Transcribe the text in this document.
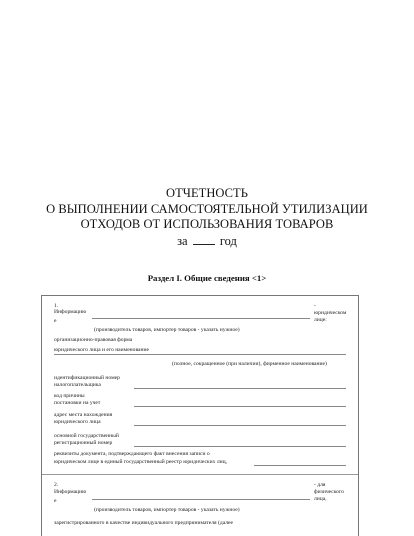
ОТЧЕТНОСТЬ
О ВЫПОЛНЕНИИ САМОСТОЯТЕЛЬНОЙ УТИЛИЗАЦИИ
ОТХОДОВ ОТ ИСПОЛЬЗОВАНИЯ ТОВАРОВ
за	год
Раздел I. Общие сведения <1>
1.
Информацию
е
-
юридическом
лице:
(производитель товаров, импортер товаров - указать нужное)
организационно-правовая форма
юридического лица и его наименование
(полное, сокращенное (при наличии), фирменное наименование)
идентификационный номер
налогоплательщика
код причины
постановки на учет
адрес места нахождения
юридического лица
основной государственный
регистрационный номер
реквизиты документа, подтверждающего факт внесения записи о
юридическом лице в единый государственный реестр юридических лиц,
2.
Информацию
е
- для
физического
лица,
(производитель товаров, импортер товаров - указать нужное)
зарегистрированного в качестве индивидуального предпринимателя (далее
